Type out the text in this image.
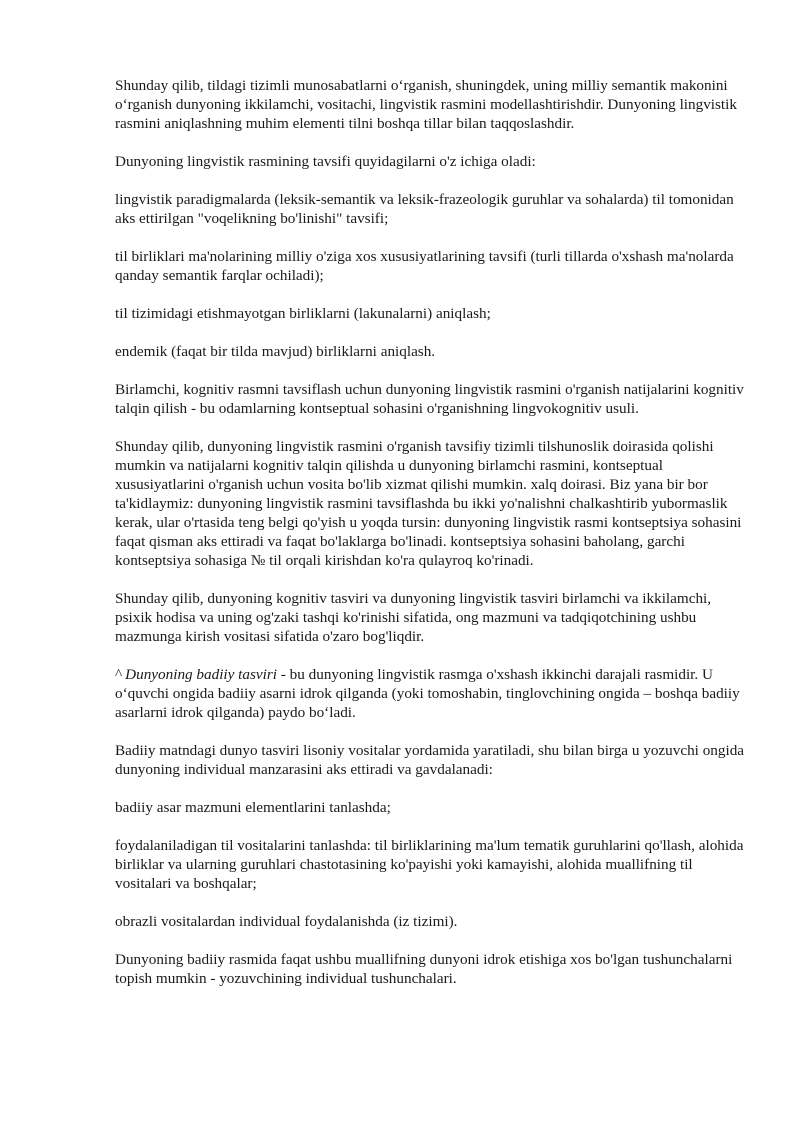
Shunday qilib, tildagi tizimli munosabatlarni o‘rganish, shuningdek, uning milliy semantik makonini o‘rganish dunyoning ikkilamchi, vositachi, lingvistik rasmini modellashtirishdir. Dunyoning lingvistik rasmini aniqlashning muhim elementi tilni boshqa tillar bilan taqqoslashdir.

Dunyoning lingvistik rasmining tavsifi quyidagilarni o'z ichiga oladi:

lingvistik paradigmalarda (leksik-semantik va leksik-frazeologik guruhlar va sohalarda) til tomonidan aks ettirilgan "voqelikning bo'linishi" tavsifi;

til birliklari ma'nolarining milliy o'ziga xos xususiyatlarining tavsifi (turli tillarda o'xshash ma'nolarda qanday semantik farqlar ochiladi);

til tizimidagi etishmayotgan birliklarni (lakunalarni) aniqlash;

endemik (faqat bir tilda mavjud) birliklarni aniqlash.

Birlamchi, kognitiv rasmni tavsiflash uchun dunyoning lingvistik rasmini o'rganish natijalarini kognitiv talqin qilish - bu odamlarning kontseptual sohasini o'rganishning lingvokognitiv usuli.

Shunday qilib, dunyoning lingvistik rasmini o'rganish tavsifiy tizimli tilshunoslik doirasida qolishi mumkin va natijalarni kognitiv talqin qilishda u dunyoning birlamchi rasmini, kontseptual xususiyatlarini o'rganish uchun vosita bo'lib xizmat qilishi mumkin. xalq doirasi. Biz yana bir bor ta'kidlaymiz: dunyoning lingvistik rasmini tavsiflashda bu ikki yo'nalishni chalkashtirib yubormaslik kerak, ular o'rtasida teng belgi qo'yish u yoqda tursin: dunyoning lingvistik rasmi kontseptsiya sohasini faqat qisman aks ettiradi va faqat bo'laklarga bo'linadi. kontseptsiya sohasini baholang, garchi kontseptsiya sohasiga № til orqali kirishdan ko'ra qulayroq ko'rinadi.

Shunday qilib, dunyoning kognitiv tasviri va dunyoning lingvistik tasviri birlamchi va ikkilamchi, psixik hodisa va uning og'zaki tashqi ko'rinishi sifatida, ong mazmuni va tadqiqotchining ushbu mazmunga kirish vositasi sifatida o'zaro bog'liqdir.

^ Dunyoning badiiy tasviri - bu dunyoning lingvistik rasmga o'xshash ikkinchi darajali rasmidir. U o‘quvchi ongida badiiy asarni idrok qilganda (yoki tomoshabin, tinglovchining ongida – boshqa badiiy asarlarni idrok qilganda) paydo bo‘ladi.

Badiiy matndagi dunyo tasviri lisoniy vositalar yordamida yaratiladi, shu bilan birga u yozuvchi ongida dunyoning individual manzarasini aks ettiradi va gavdalanadi:

badiiy asar mazmuni elementlarini tanlashda;

foydalaniladigan til vositalarini tanlashda: til birliklarining ma'lum tematik guruhlarini qo'llash, alohida birliklar va ularning guruhlari chastotasining ko'payishi yoki kamayishi, alohida muallifning til vositalari va boshqalar;

obrazli vositalardan individual foydalanishda (iz tizimi).

Dunyoning badiiy rasmida faqat ushbu muallifning dunyoni idrok etishiga xos bo'lgan tushunchalarni topish mumkin - yozuvchining individual tushunchalari.
